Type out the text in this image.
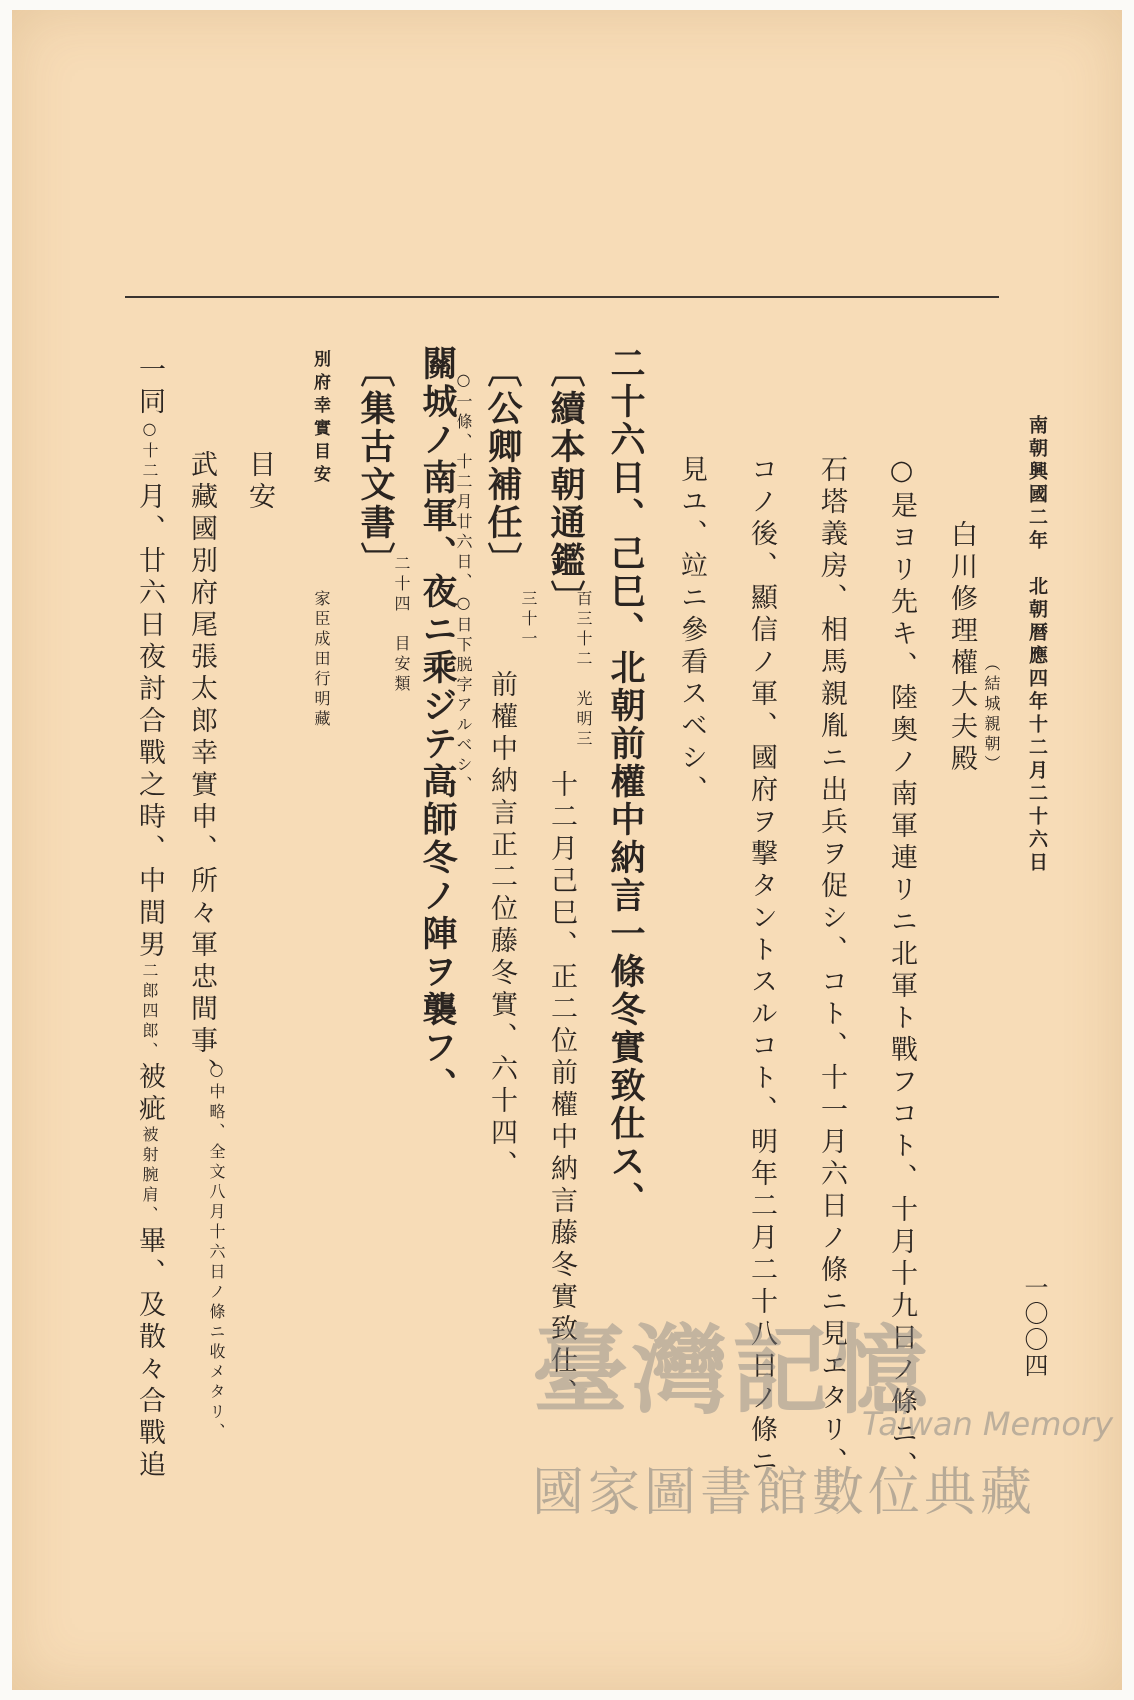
南朝興國二年　北朝暦應四年十二月二十六日
一〇〇四
白川修理權大夫殿 （結城親朝）
○是ヨリ先キ、陸奥ノ南軍連リニ北軍ト戰フコト、十月十九日ノ條ニ、
石塔義房、相馬親胤ニ出兵ヲ促シ、コト、十一月六日ノ條ニ見エタリ、
コノ後、顯信ノ軍、國府ヲ撃タントスルコト、明年二月二十八日ノ條ニ
見ユ、竝ニ參看スベシ、
二十六日、己巳、北朝前權中納言一條冬實致仕ス、
〔續本朝通鑑〕
百三十二　光明三
十二月己巳、正二位前權中納言藤冬實致仕、
〔公卿補任〕
三十一
前權中納言正二位藤冬實、六十四、
○一條、十二月廿六日、○日下脱字アルベシ、
關城ノ南軍、夜ニ乘ジテ高師冬ノ陣ヲ襲フ、
〔集古文書〕
二十四　目安類
別府幸實目安
家臣成田行明藏
目安
武藏國別府尾張太郎幸實申、所々軍忠間事、
○中略、全文八月十六日ノ條ニ收メタリ、
一同○十二月、廿六日夜討合戰之時、中間男二郎四郎、被疵被射腕肩、畢、及散々合戰追	臺灣記憶
Taiwan Memory
國家圖書館數位典藏
